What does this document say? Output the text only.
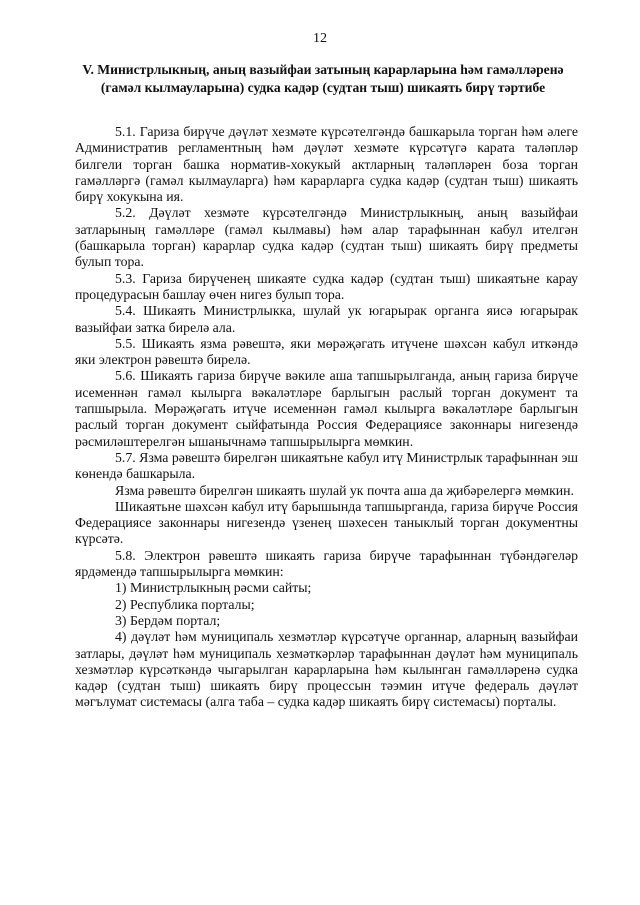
12
V. Министрлыкның, аның вазыйфаи затының карарларына һәм гамәлләренә (гамәл кылмауларына) судка кадәр (судтан тыш) шикаять бирү тәртибе

5.1. Гариза бирүче дәүләт хезмәте күрсәтелгәндә башкарыла торган һәм әлеге Административ регламентның һәм дәүләт хезмәте күрсәтүгә карата таләпләр билгели торган башка норматив-хокукый актларның таләпләрен боза торган гамәлләргә (гамәл кылмауларга) һәм карарларга судка кадәр (судтан тыш) шикаять бирү хокукына ия.

5.2. Дәүләт хезмәте күрсәтелгәндә Министрлыкның, аның вазыйфаи затларының гамәлләре (гамәл кылмавы) һәм алар тарафыннан кабул ителгән (башкарыла торган) карарлар судка кадәр (судтан тыш) шикаять бирү предметы булып тора.

5.3. Гариза бирүченең шикаяте судка кадәр (судтан тыш) шикаятьне карау процедурасын башлау өчен нигез булып тора.

5.4. Шикаять Министрлыкка, шулай ук югарырак органга яисә югарырак вазыйфаи затка бирелә ала.

5.5. Шикаять язма рәвештә, яки мөрәҗәгать итүчене шәхсән кабул иткәндә яки электрон рәвештә бирелә.

5.6. Шикаять гариза бирүче вәкиле аша тапшырылганда, аның гариза бирүче исеменнән гамәл кылырга вәкаләтләре барлыгын раслый торган документ та тапшырыла. Мөрәҗәгать итүче исеменнән гамәл кылырга вәкаләтләре барлыгын раслый торган документ сыйфатында Россия Федерациясе законнары нигезендә рәсмиләштерелгән ышанычнамә тапшырылырга мөмкин.

5.7. Язма рәвештә бирелгән шикаятьне кабул итү Министрлык тарафыннан эш көнендә башкарыла.

Язма рәвештә бирелгән шикаять шулай ук почта аша да җибәрелергә мөмкин.

Шикаятьне шәхсән кабул итү барышында тапшырганда, гариза бирүче Россия Федерациясе законнары нигезендә үзенең шәхесен таныклый торган документны күрсәтә.

5.8. Электрон рәвештә шикаять гариза бирүче тарафыннан түбәндәгеләр ярдәмендә тапшырылырга мөмкин:

1) Министрлыкның рәсми сайты;

2) Республика порталы;

3) Бердәм портал;

4) дәүләт һәм муниципаль хезмәтләр күрсәтүче органнар, аларның вазыйфаи затлары, дәүләт һәм муниципаль хезмәткәрләр тарафыннан дәүләт һәм муниципаль хезмәтләр күрсәткәндә чыгарылган карарларына һәм кылынган гамәлләренә судка кадәр (судтан тыш) шикаять бирү процессын тәэмин итүче федераль дәүләт мәгълумат системасы (алга таба – судка кадәр шикаять бирү системасы) порталы.
